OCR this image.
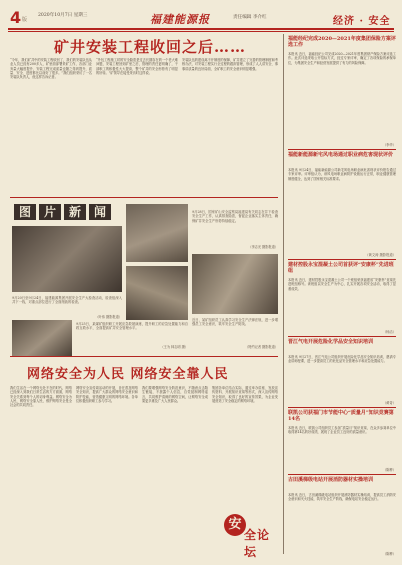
4 版
2020年10月7日 星期三	福建能源报	责任编辑 李介红	经济 · 安全
矿井安装工程收回之后……
“今年，我们矿井中的安装工程收回了，我们的安装队伍从业人员已经有200多人，矿里面部署采矿工作，各部门业务量大幅度提升，安装工程完成质量也随之得到提升，质量、安全、进度都比以前好了很多。”我们组织采访了一名安装队负责人，他这样告诉记者。
“外包工程施工时的安全隐患是过去长期存在的一个老大难问题，安装工程回到矿里之后，管理的责任更明确了，干部职工的积极性大大提高，整个矿井的安全形势有了明显的好转。”矿领导在接受采访时这样说。
安装队伍的建设离不开制度的保障，矿井建立了完善的管理制度和考核办法，对安装工程实行全过程的跟踪管理，形成了人人讲安全、事事讲质量的良好局面，全矿职工的安全意识明显增强。
图 片 新 闻	9月28日，国家矿山安全监察局福建局有关同志在井下检查安全生产工作，认真排查隐患，督促企业落实主体责任，确保矿井安全生产形势持续稳定。
（李志光 摄影报道）
9月20日至9月24日，福建能源集团开展安全生产大检查活动，检查组深入井下一线，对重点部位进行了全面细致的检查。
（叶伟 摄影报道）
9月25日，某煤矿组织职工开展应急救援演练，提升职工的应急处置能力和自救互救水平，全面提高矿井安全管理水平。
（王为 林志明 摄）
近日，某矿组织员工认真学习安全生产法律法规，进一步增强员工安全意识，筑牢安全生产防线。
（特约记者 摄影报道）
网络安全为人民 网络安全靠人民
我们生活在一个网络无处不在的时代，网络已经深入到我们日常生活的方方面面，网络安全关系到每个人的切身利益。网络安全为人民，网络安全靠人民，维护网络安全是全社会的共同责任。
网络安全宣传周活动的开展，旨在普及网络安全知识，提高广大群众的网络安全意识和防护技能，营造健康文明的网络环境。各单位积极组织职工参与学习。
我们要增强网络安全防范意识，不随意点击陌生链接，不泄露个人信息，自觉抵制网络谣言，共同维护清朗的网络空间，让网络安全成果更多惠及广大人民群众。
集团各单位结合实际，通过举办讲座、发放宣传资料、开展知识竞赛等形式，深入宣传网络安全知识，取得了良好的宣传效果，为企业发展营造了安全稳定的网络环境。
安
全论坛
福能经纪完成2020—2021年度集团保险方案评选工作
本报讯 近日，福能经纪公司完成2020—2021年度集团财产保险方案评选工作。此次评选采取公开招标方式，经过专家评审，确定了各项保险的承保单位，为集团安全生产和经营发展提供了有力的风险保障。
（李华）
福能新能源新宅风电场通过职业病危害现状评价
本报讯 9月24日，福能新能源公司新宅风电场职业病危害现状评价报告通过专家评审。评审组认为，该风电场职业病防护设施运行正常，职业健康管理制度健全，达到了国家相关标准要求。
（黄文涛 摄影报道）
建材控股永宝混凝土公司首获评“安康杯”先进班组
本报讯 近日，建材控股永宝混凝土公司一个班组荣获福建省“安康杯”竞赛先进班组称号。该班组以安全生产为中心，扎实开展各项安全活动，取得了显著成效。
（杨洁）
晋江气电开展危险化学品安全知识培训
本报讯 9月27日，晋江气电公司组织开展危险化学品安全知识培训，邀请专业讲师授课，进一步提高员工的危化品安全管理水平和应急处置能力。
（黄奇）
联凯公司获福门市节能中心“质量月”知识竞赛第14名
本报讯 近日，联凯公司组织员工参加“质量月”知识竞赛，在众多参赛单位中取得第14名的好成绩，展现了企业员工良好的质量意识。
（陈桦）
古田溪梯级电站开展消防器材实操培训
本报讯 近日，古田溪梯级电站组织开展消防器材实操培训，提高员工消防安全意识和灭火技能，筑牢安全生产防线，确保电站安全稳定运行。
（陈桦）
